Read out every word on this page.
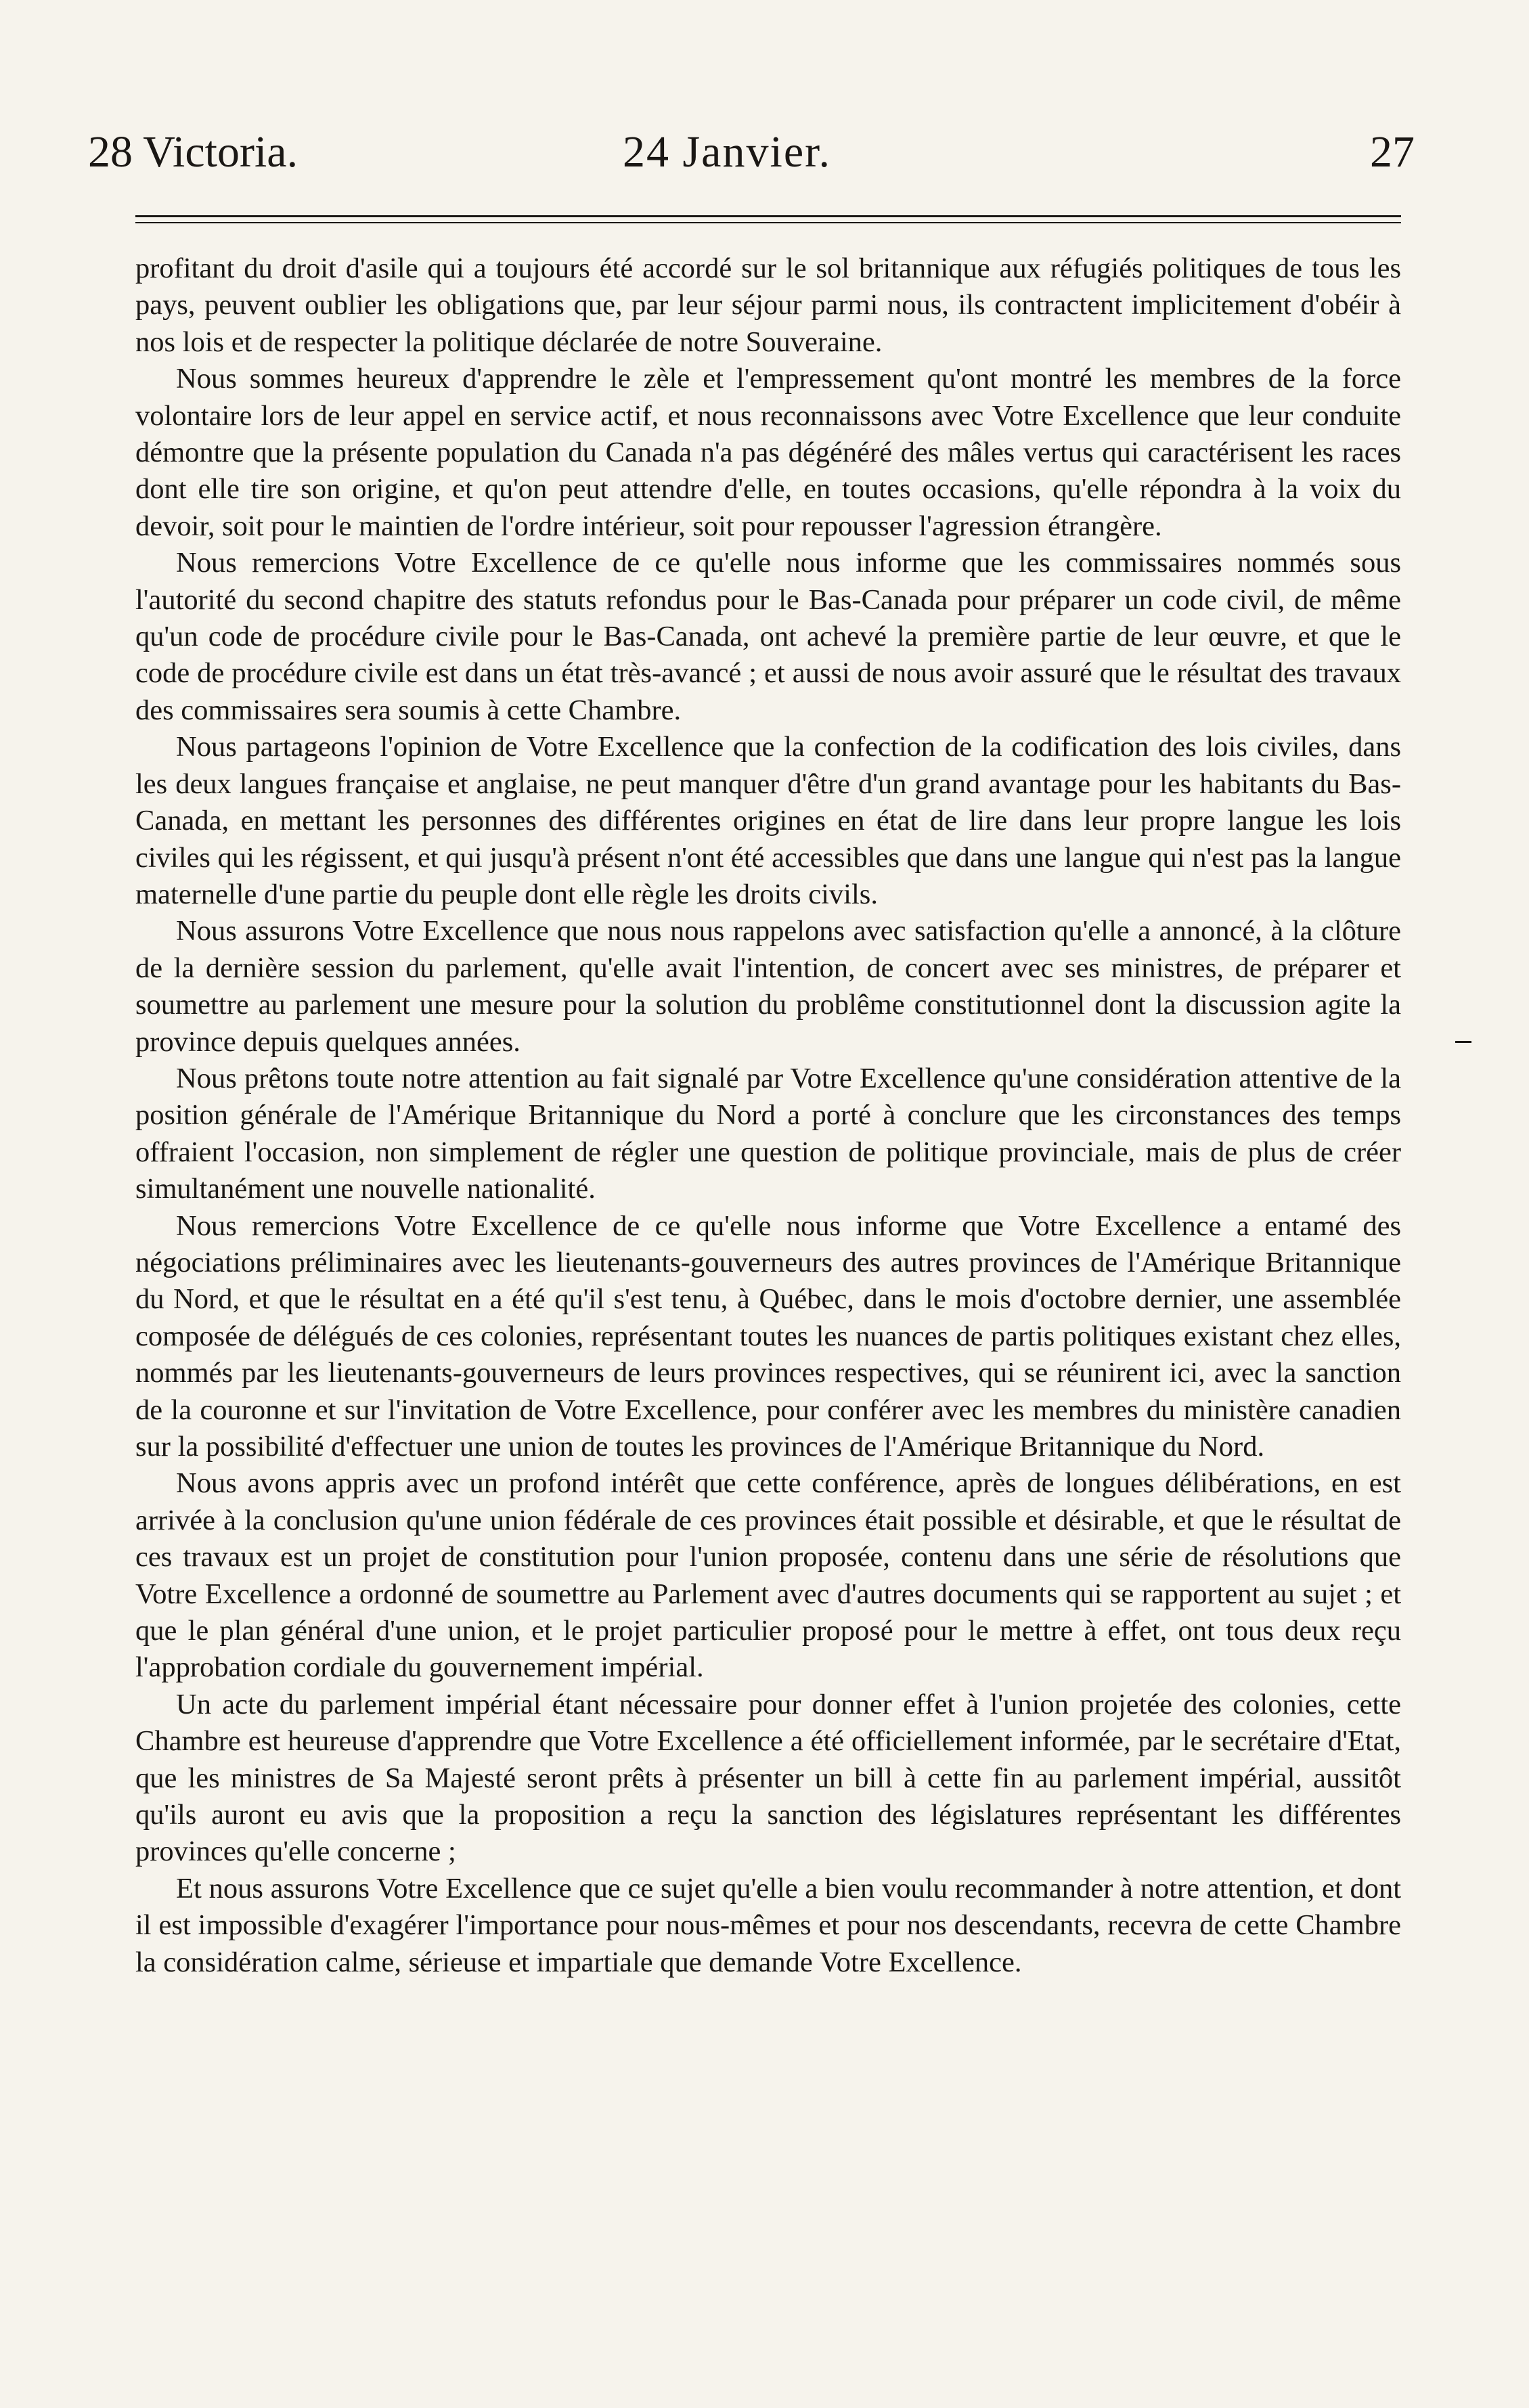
28 Victoria.	24 Janvier.	27

profitant du droit d'asile qui a toujours été accordé sur le sol britannique aux réfugiés politiques de tous les pays, peuvent oublier les obligations que, par leur séjour parmi nous, ils contractent implicitement d'obéir à nos lois et de respecter la politique déclarée de notre Souveraine.

Nous sommes heureux d'apprendre le zèle et l'empressement qu'ont montré les membres de la force volontaire lors de leur appel en service actif, et nous reconnaissons avec Votre Excellence que leur conduite démontre que la présente population du Canada n'a pas dégénéré des mâles vertus qui caractérisent les races dont elle tire son origine, et qu'on peut attendre d'elle, en toutes occasions, qu'elle répondra à la voix du devoir, soit pour le maintien de l'ordre intérieur, soit pour repousser l'agression étrangère.

Nous remercions Votre Excellence de ce qu'elle nous informe que les commissaires nommés sous l'autorité du second chapitre des statuts refondus pour le Bas-Canada pour préparer un code civil, de même qu'un code de procédure civile pour le Bas-Canada, ont achevé la première partie de leur œuvre, et que le code de procédure civile est dans un état très-avancé ; et aussi de nous avoir assuré que le résultat des travaux des commissaires sera soumis à cette Chambre.

Nous partageons l'opinion de Votre Excellence que la confection de la codification des lois civiles, dans les deux langues française et anglaise, ne peut manquer d'être d'un grand avantage pour les habitants du Bas-Canada, en mettant les personnes des différentes origines en état de lire dans leur propre langue les lois civiles qui les régissent, et qui jusqu'à présent n'ont été accessibles que dans une langue qui n'est pas la langue maternelle d'une partie du peuple dont elle règle les droits civils.

Nous assurons Votre Excellence que nous nous rappelons avec satisfaction qu'elle a annoncé, à la clôture de la dernière session du parlement, qu'elle avait l'intention, de concert avec ses ministres, de préparer et soumettre au parlement une mesure pour la solution du problême constitutionnel dont la discussion agite la province depuis quelques années.

Nous prêtons toute notre attention au fait signalé par Votre Excellence qu'une considération attentive de la position générale de l'Amérique Britannique du Nord a porté à conclure que les circonstances des temps offraient l'occasion, non simplement de régler une question de politique provinciale, mais de plus de créer simultanément une nouvelle nationalité.

Nous remercions Votre Excellence de ce qu'elle nous informe que Votre Excellence a entamé des négociations préliminaires avec les lieutenants-gouverneurs des autres provinces de l'Amérique Britannique du Nord, et que le résultat en a été qu'il s'est tenu, à Québec, dans le mois d'octobre dernier, une assemblée composée de délégués de ces colonies, représentant toutes les nuances de partis politiques existant chez elles, nommés par les lieutenants-gouverneurs de leurs provinces respectives, qui se réunirent ici, avec la sanction de la couronne et sur l'invitation de Votre Excellence, pour conférer avec les membres du ministère canadien sur la possibilité d'effectuer une union de toutes les provinces de l'Amérique Britannique du Nord.

Nous avons appris avec un profond intérêt que cette conférence, après de longues délibérations, en est arrivée à la conclusion qu'une union fédérale de ces provinces était possible et désirable, et que le résultat de ces travaux est un projet de constitution pour l'union proposée, contenu dans une série de résolutions que Votre Excellence a ordonné de soumettre au Parlement avec d'autres documents qui se rapportent au sujet ; et que le plan général d'une union, et le projet particulier proposé pour le mettre à effet, ont tous deux reçu l'approbation cordiale du gouvernement impérial.

Un acte du parlement impérial étant nécessaire pour donner effet à l'union projetée des colonies, cette Chambre est heureuse d'apprendre que Votre Excellence a été officiellement informée, par le secrétaire d'Etat, que les ministres de Sa Majesté seront prêts à présenter un bill à cette fin au parlement impérial, aussitôt qu'ils auront eu avis que la proposition a reçu la sanction des législatures représentant les différentes provinces qu'elle concerne ;

Et nous assurons Votre Excellence que ce sujet qu'elle a bien voulu recommander à notre attention, et dont il est impossible d'exagérer l'importance pour nous-mêmes et pour nos descendants, recevra de cette Chambre la considération calme, sérieuse et impartiale que demande Votre Excellence.
